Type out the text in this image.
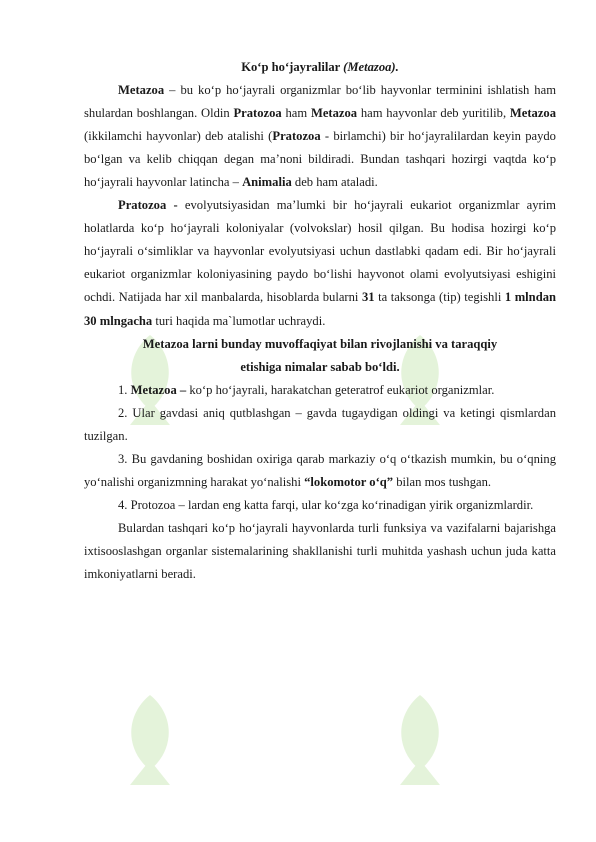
Ko‘p ho‘jayralilar (Metazoa).

Metazoa – bu ko‘p ho‘jayrali organizmlar bo‘lib hayvonlar terminini ishlatish ham shulardan boshlangan. Oldin Pratozoa ham Metazoa ham hayvonlar deb yuritilib, Metazoa (ikkilamchi hayvonlar) deb atalishi (Pratozoa - birlamchi) bir ho‘jayralilardan keyin paydo bo‘lgan va kelib chiqqan degan ma’noni bildiradi. Bundan tashqari hozirgi vaqtda ko‘p ho‘jayrali hayvonlar latincha – Animalia deb ham ataladi.

Pratozoa - evolyutsiyasidan ma’lumki bir ho‘jayrali eukariot organizmlar ayrim holatlarda ko‘p ho‘jayrali koloniyalar (volvokslar) hosil qilgan. Bu hodisa hozirgi ko‘p ho‘jayrali o‘simliklar va hayvonlar evolyutsiyasi uchun dastlabki qadam edi. Bir ho‘jayrali eukariot organizmlar koloniyasining paydo bo‘lishi hayvonot olami evolyutsiyasi eshigini ochdi. Natijada har xil manbalarda, hisoblarda bularni 31 ta taksonga (tip) tegishli 1 mlndan 30 mlngacha turi haqida ma`lumotlar uchraydi.

Metazoa larni bunday muvoffaqiyat bilan rivojlanishi va taraqqiy

etishiga nimalar sabab bo‘ldi.

1. Metazoa – ko‘p ho‘jayrali, harakatchan geteratrof eukariot organizmlar.

2. Ular gavdasi aniq qutblashgan – gavda tugaydigan oldingi va ketingi qismlardan tuzilgan.

3. Bu gavdaning boshidan oxiriga qarab markaziy o‘q o‘tkazish mumkin, bu o‘qning yo‘nalishi organizmning harakat yo‘nalishi “lokomotor o‘q” bilan mos tushgan.

4. Protozoa – lardan eng katta farqi, ular ko‘zga ko‘rinadigan yirik organizmlardir.

Bulardan tashqari ko‘p ho‘jayrali hayvonlarda turli funksiya va vazifalarni bajarishga ixtisooslashgan organlar sistemalarining shakllanishi turli muhitda yashash uchun juda katta imkoniyatlarni beradi.
